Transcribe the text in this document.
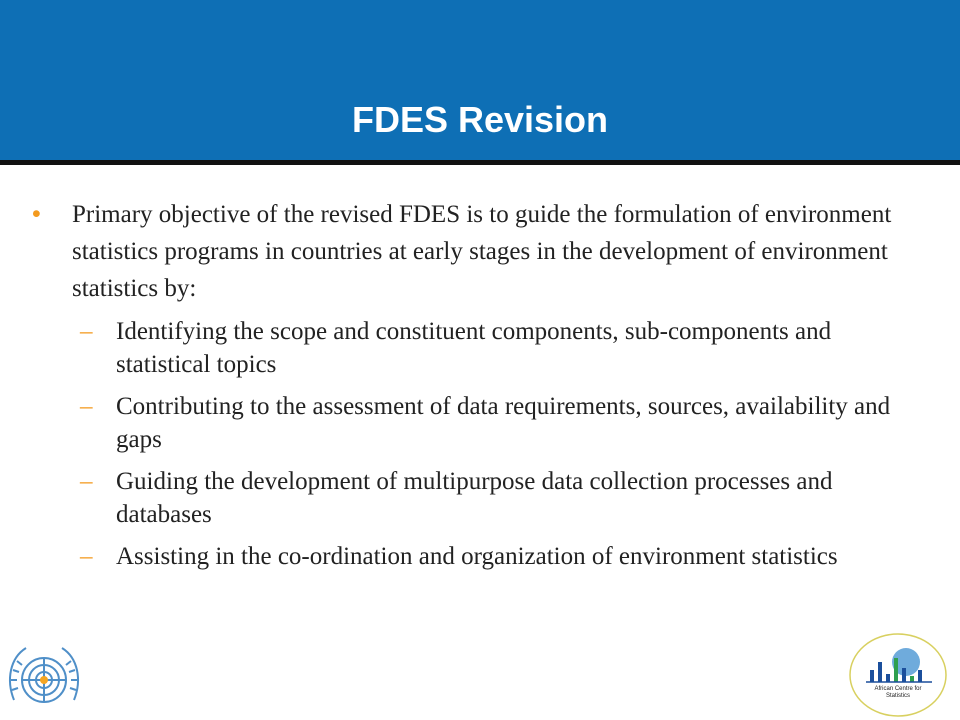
FDES Revision

• Primary objective of the revised FDES is to guide the formulation of environment statistics programs in countries at early stages in the development of environment statistics by:

– Identifying the scope and constituent components, sub-components and statistical topics

– Contributing to the assessment of data requirements, sources, availability and gaps

– Guiding the development of multipurpose data collection processes and databases

– Assisting in the co-ordination and organization of environment statistics

African Centre for Statistics
